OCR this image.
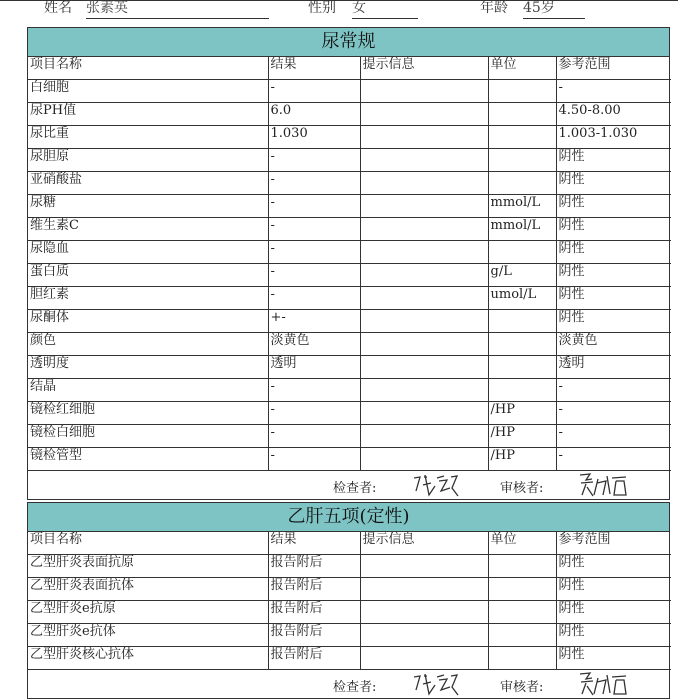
姓名 张素英	性别 女	年龄 45岁
尿常规
项目名称	结果	提示信息	单位	参考范围
白细胞	-			-
尿PH值	6.0			4.50-8.00
尿比重	1.030			1.003-1.030
尿胆原	-			阴性
亚硝酸盐	-			阴性
尿糖	-		mmol/L	阴性
维生素C	-		mmol/L	阴性
尿隐血	-			阴性
蛋白质	-		g/L	阴性
胆红素	-		umol/L	阴性
尿酮体	+-			阴性
颜色	淡黄色			淡黄色
透明度	透明			透明
结晶	-			-
镜检红细胞	-		/HP	-
镜检白细胞	-		/HP	-
镜检管型	-		/HP	-
检查者:	审核者:
乙肝五项(定性)
项目名称	结果	提示信息	单位	参考范围
乙型肝炎表面抗原	报告附后			阴性
乙型肝炎表面抗体	报告附后			阴性
乙型肝炎e抗原	报告附后			阴性
乙型肝炎e抗体	报告附后			阴性
乙型肝炎核心抗体	报告附后			阴性
检查者:	审核者:
